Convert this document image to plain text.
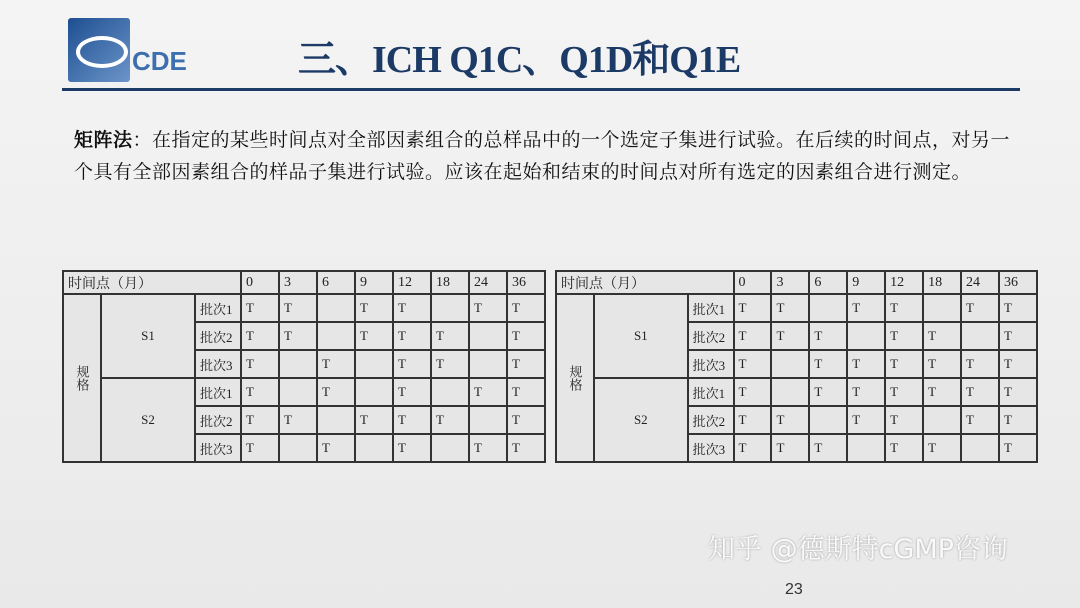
CDE	三、ICH Q1C、Q1D和Q1E
矩阵法：在指定的某些时间点对全部因素组合的总样品中的一个选定子集进行试验。在后续的时间点，对另一个具有全部因素组合的样品子集进行试验。应该在起始和结束的时间点对所有选定的因素组合进行测定。
时间点（月）			0	3	6	9	12	18	24	36
规格	S1	批次1	T	T		T	T		T	T
		批次2	T	T		T	T	T		T
		批次3	T		T		T	T		T
	S2	批次1	T		T		T		T	T
		批次2	T	T		T	T	T		T
		批次3	T		T		T		T	T
时间点（月）			0	3	6	9	12	18	24	36
规格	S1	批次1	T	T		T	T		T	T
		批次2	T	T	T		T	T		T
		批次3	T		T	T	T	T	T	T
	S2	批次1	T		T	T	T	T	T	T
		批次2	T	T		T	T		T	T
		批次3	T	T	T		T	T		T
知乎 @德斯特cGMP咨询
23
